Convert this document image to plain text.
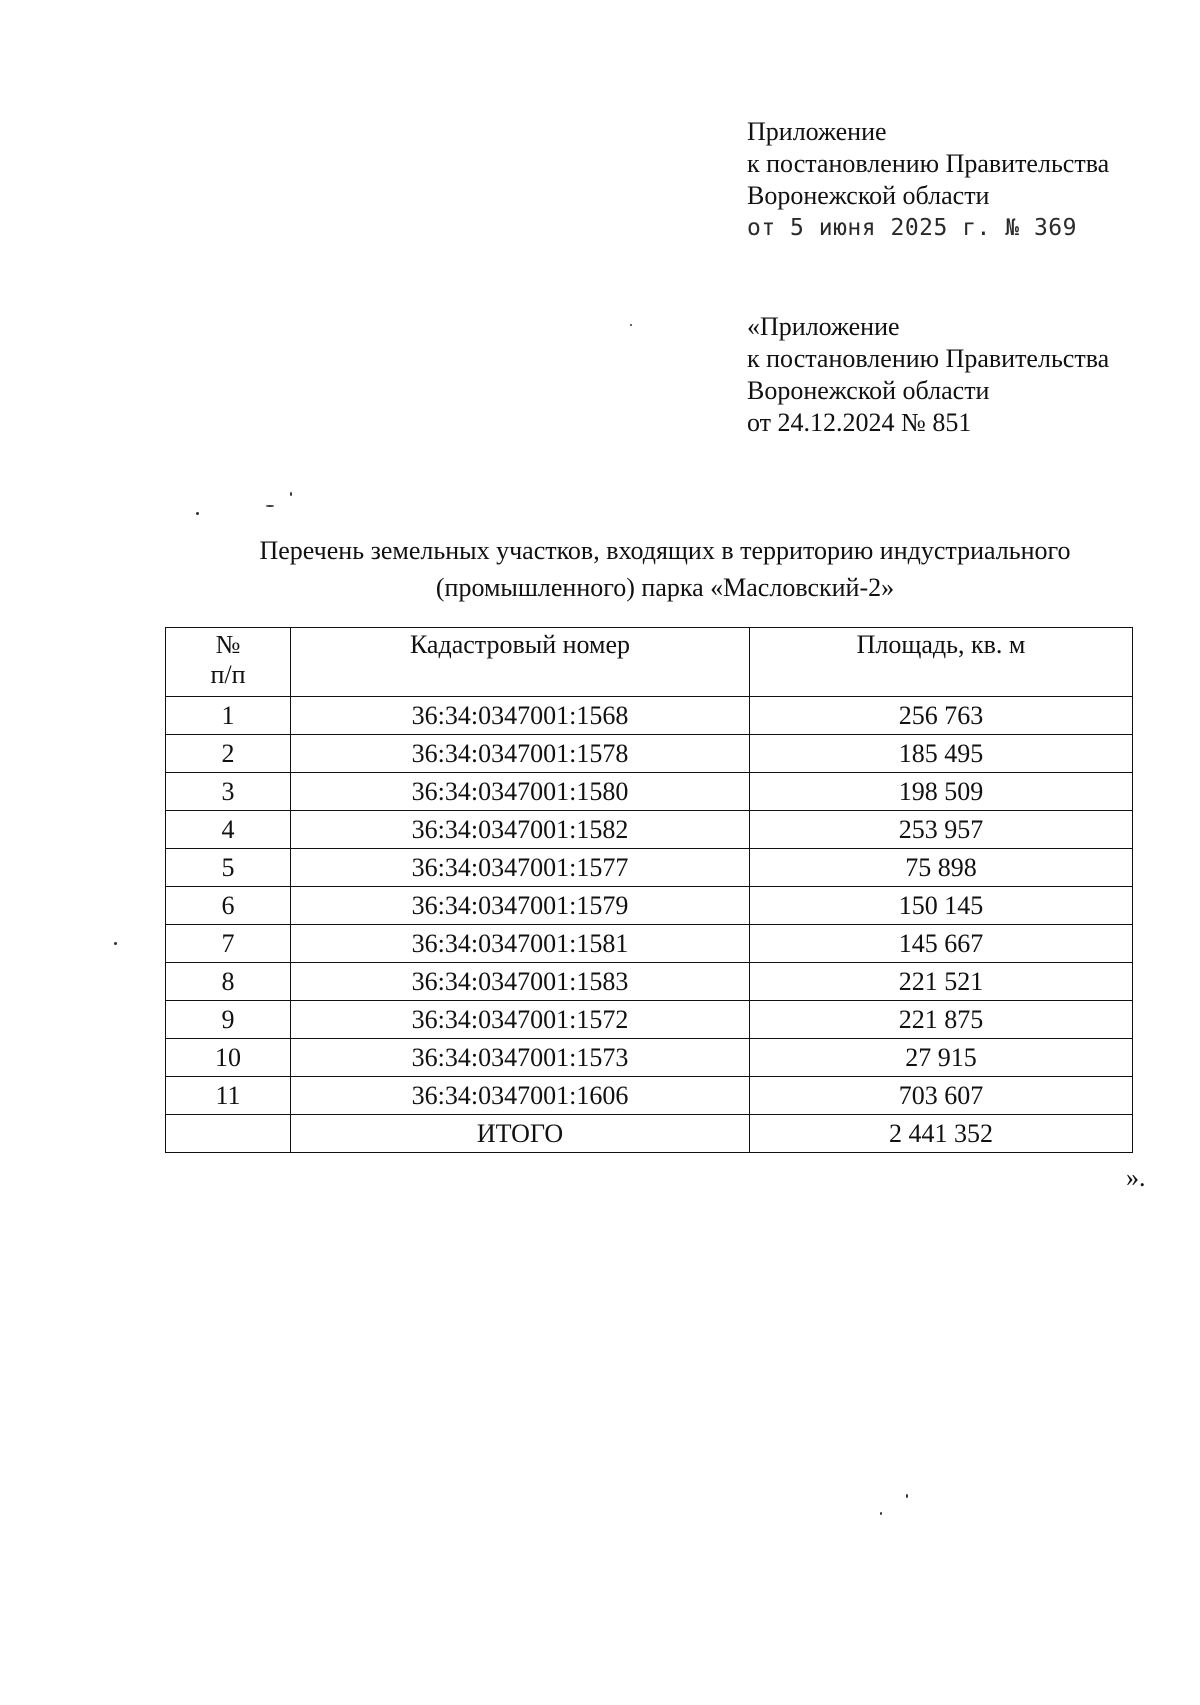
Приложение
к постановлению Правительства
Воронежской области
от 5 июня 2025 г. № 369
«Приложение
к постановлению Правительства
Воронежской области
от 24.12.2024 № 851
Перечень земельных участков, входящих в территорию индустриального
(промышленного) парка «Масловский-2»
№
п/п	Кадастровый номер	Площадь, кв. м
1	36:34:0347001:1568	256 763
2	36:34:0347001:1578	185 495
3	36:34:0347001:1580	198 509
4	36:34:0347001:1582	253 957
5	36:34:0347001:1577	75 898
6	36:34:0347001:1579	150 145
7	36:34:0347001:1581	145 667
8	36:34:0347001:1583	221 521
9	36:34:0347001:1572	221 875
10	36:34:0347001:1573	27 915
11	36:34:0347001:1606	703 607
	ИТОГО	2 441 352
».
